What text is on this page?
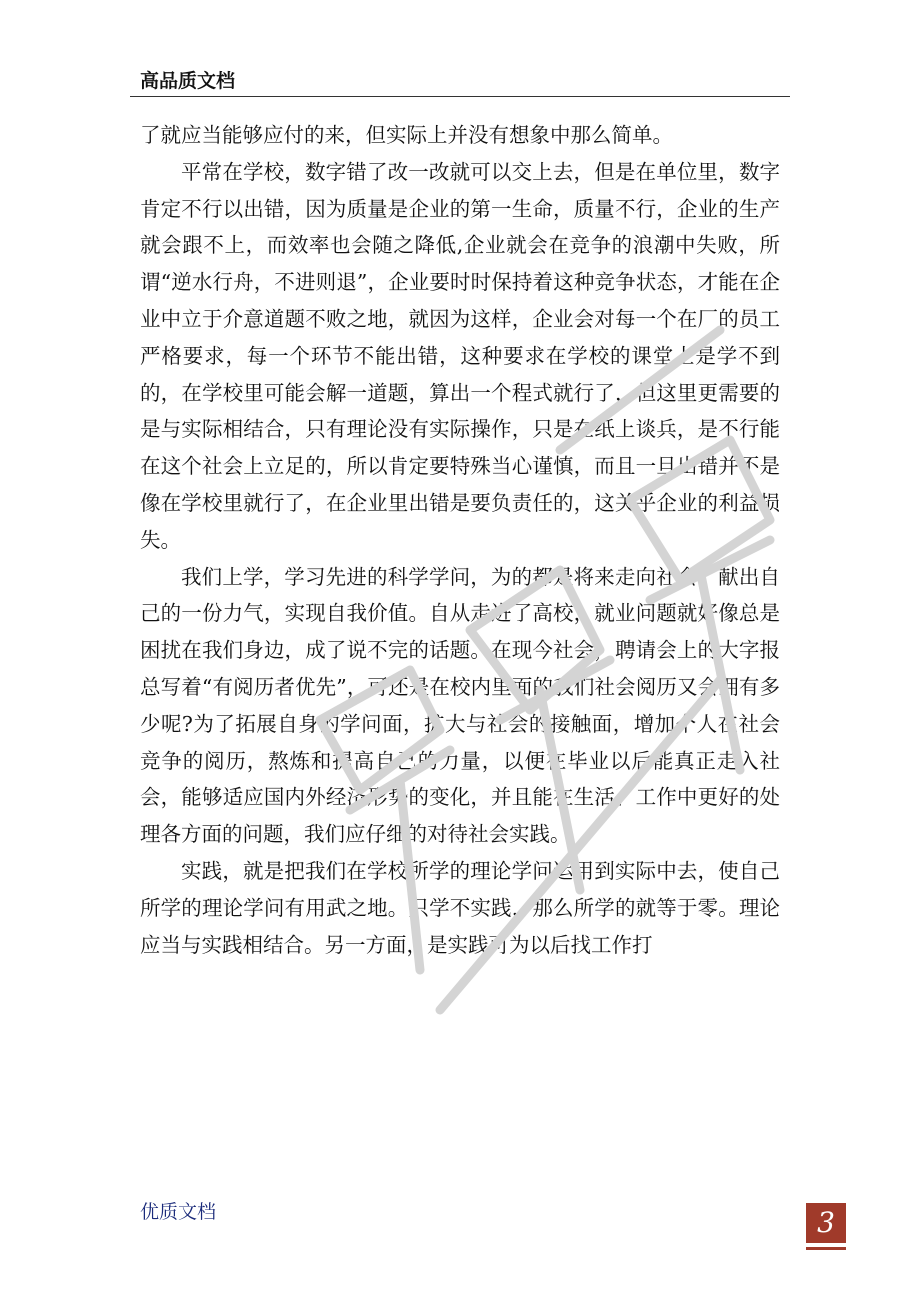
高品质文档

了就应当能够应付的来，但实际上并没有想象中那么简单。

平常在学校，数字错了改一改就可以交上去，但是在单位里，数字肯定不行以出错，因为质量是企业的第一生命，质量不行，企业的生产就会跟不上，而效率也会随之降低,企业就会在竞争的浪潮中失败，所谓“逆水行舟，不进则退”，企业要时时保持着这种竞争状态，才能在企业中立于介意道题不败之地，就因为这样，企业会对每一个在厂的员工严格要求，每一个环节不能出错，这种要求在学校的课堂上是学不到的，在学校里可能会解一道题，算出一个程式就行了，但这里更需要的是与实际相结合，只有理论没有实际操作，只是在纸上谈兵，是不行能在这个社会上立足的，所以肯定要特殊当心谨慎，而且一旦出错并不是像在学校里就行了，在企业里出错是要负责任的，这关乎企业的利益损失。

我们上学，学习先进的科学学问，为的都是将来走向社会，献出自己的一份力气，实现自我价值。自从走进了高校，就业问题就好像总是困扰在我们身边，成了说不完的话题。在现今社会，聘请会上的大字报总写着“有阅历者优先”，可还是在校内里面的我们社会阅历又会拥有多少呢?为了拓展自身的学问面，扩大与社会的接触面，增加个人在社会竞争的阅历，熬炼和提高自己的力量，以便在毕业以后能真正走入社会，能够适应国内外经济形势的变化，并且能在生活、工作中更好的处理各方面的问题，我们应仔细的对待社会实践。

实践，就是把我们在学校所学的理论学问运用到实际中去，使自己所学的理论学问有用武之地。只学不实践，那么所学的就等于零。理论应当与实践相结合。另一方面，是实践可为以后找工作打

优质文档	3
